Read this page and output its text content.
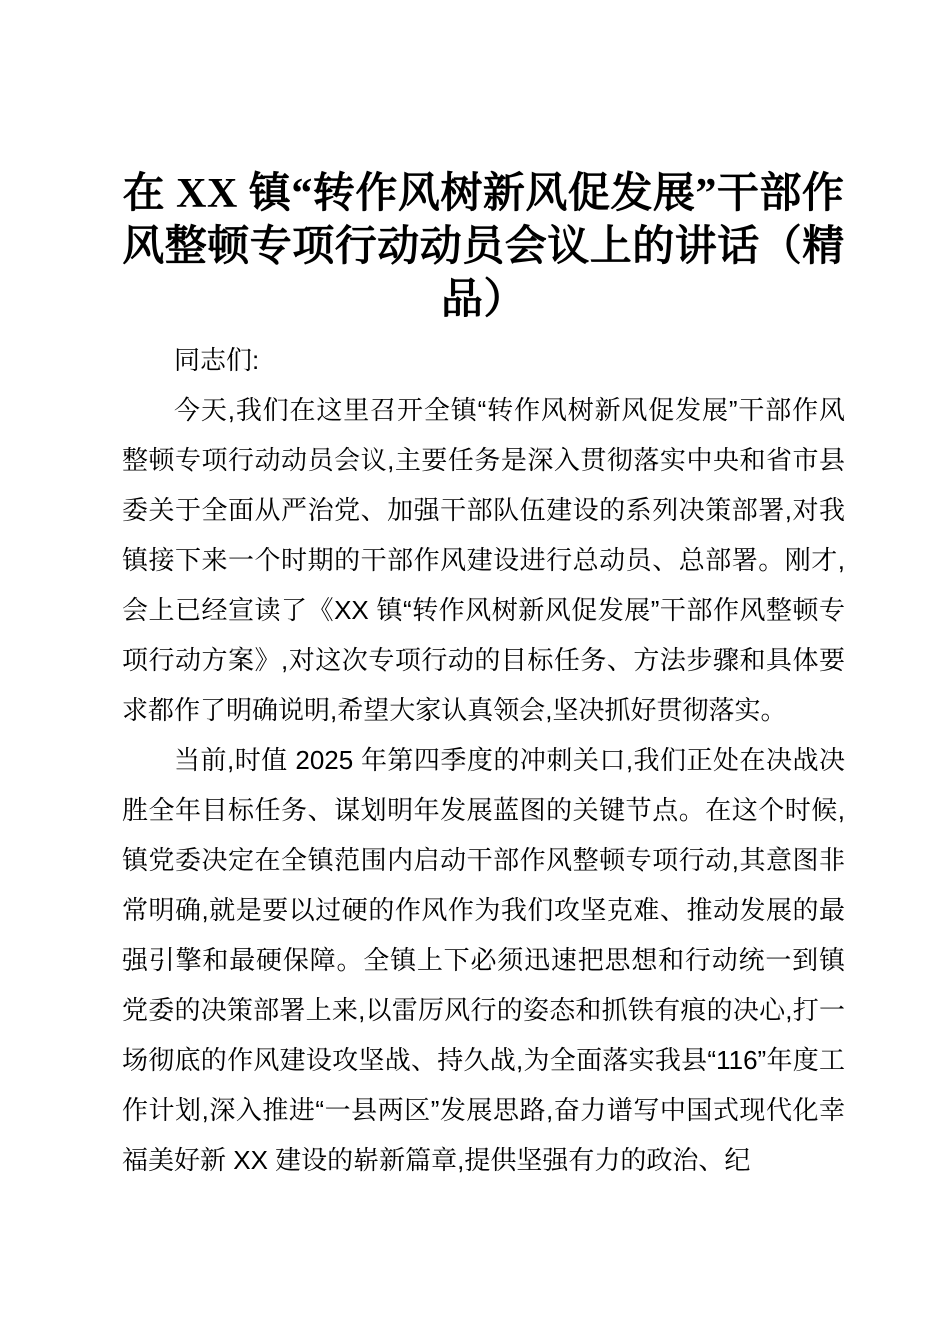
在 XX 镇“转作风树新风促发展”干部作风整顿专项行动动员会议上的讲话（精品）

同志们:

今天,我们在这里召开全镇“转作风树新风促发展”干部作风整顿专项行动动员会议,主要任务是深入贯彻落实中央和省市县委关于全面从严治党、加强干部队伍建设的系列决策部署,对我镇接下来一个时期的干部作风建设进行总动员、总部署。刚才,会上已经宣读了《XX 镇“转作风树新风促发展”干部作风整顿专项行动方案》,对这次专项行动的目标任务、方法步骤和具体要求都作了明确说明,希望大家认真领会,坚决抓好贯彻落实。

当前,时值 2025 年第四季度的冲刺关口,我们正处在决战决胜全年目标任务、谋划明年发展蓝图的关键节点。在这个时候,镇党委决定在全镇范围内启动干部作风整顿专项行动,其意图非常明确,就是要以过硬的作风作为我们攻坚克难、推动发展的最强引擎和最硬保障。全镇上下必须迅速把思想和行动统一到镇党委的决策部署上来,以雷厉风行的姿态和抓铁有痕的决心,打一场彻底的作风建设攻坚战、持久战,为全面落实我县“116”年度工作计划,深入推进“一县两区”发展思路,奋力谱写中国式现代化幸福美好新 XX 建设的崭新篇章,提供坚强有力的政治、纪
